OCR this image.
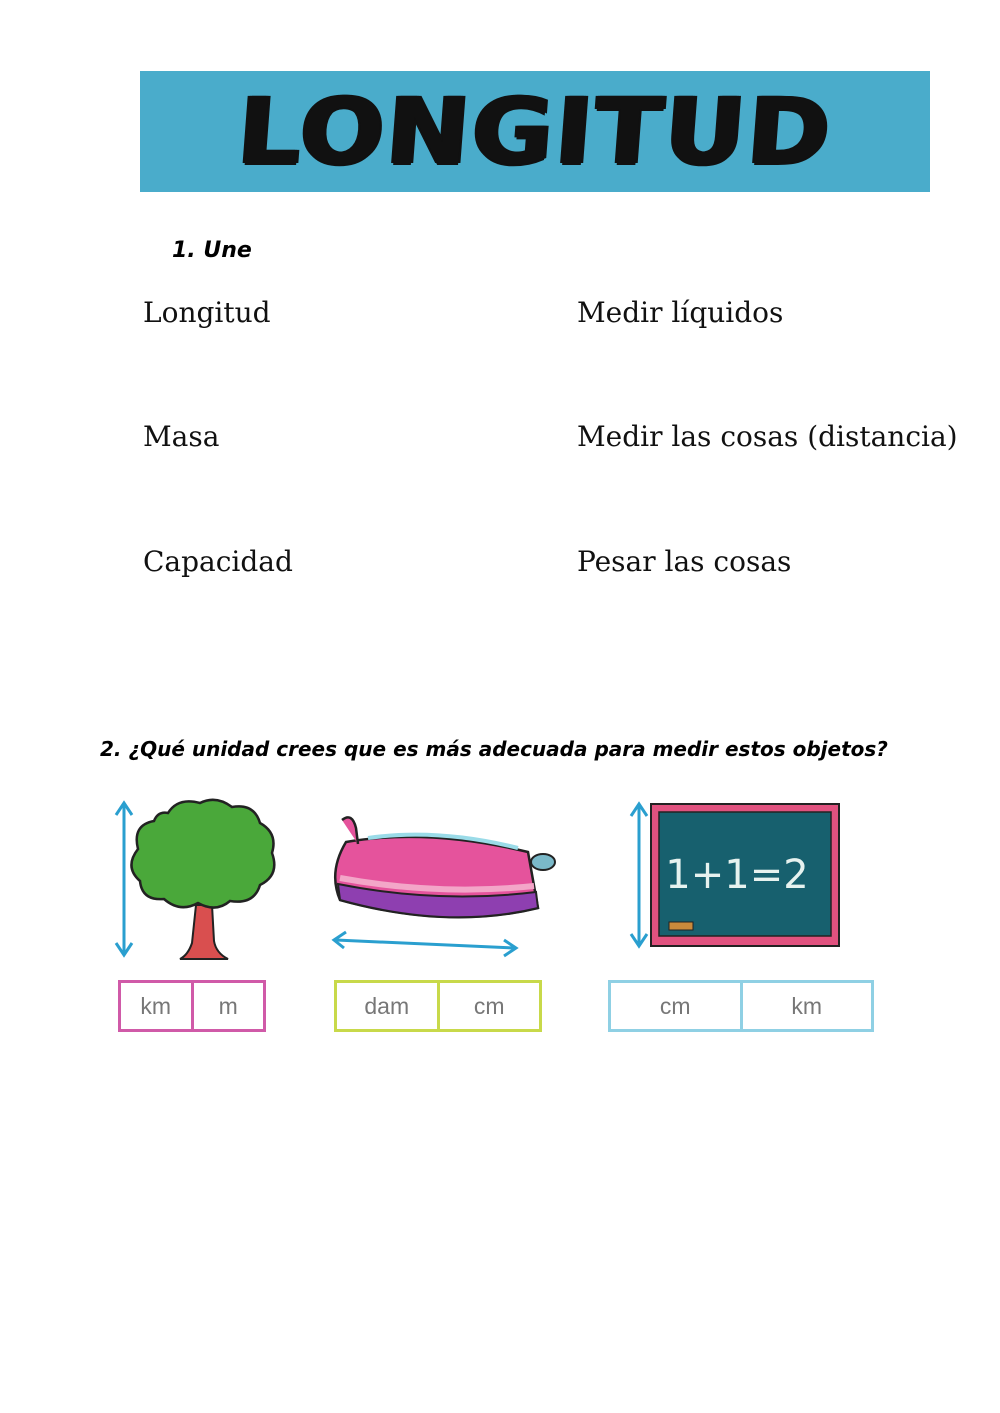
LONGITUD
1. Une
Longitud
Masa
Capacidad
Medir líquidos
Medir las cosas (distancia)
Pesar las cosas
2. ¿Qué unidad crees que es más adecuada para medir estos objetos?
1+1=2
km	m	dam	cm	cm	km
